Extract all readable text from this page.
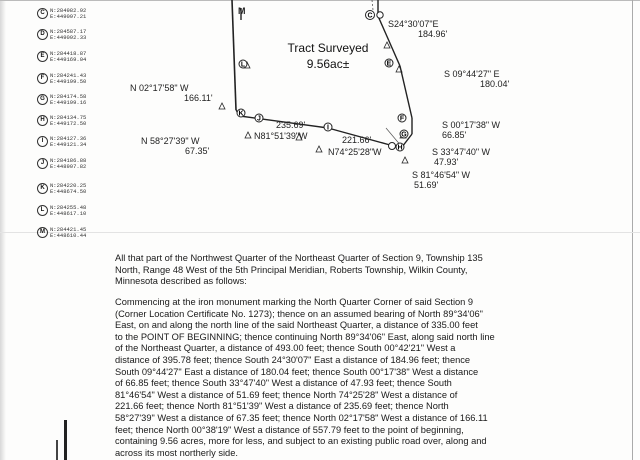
C
E
F
G
H
I
J
K
L
M
Tract Surveyed
9.56ac±
S24°30'07"E
184.96'
S 09°44'27" E
180.04'
N 02°17'58" W
166.11'
S 00°17'38" W
66.85'
N 58°27'39" W
67.35'
235.69'
N81°51'39"W	221.66'
N74°25'28"W	S 33°47'40" W
47.93'
S 81°46'54" W
51.69'
C N:284982.92
E:449097.21
D N:284587.17
E:449092.33
E	N:284418.87
E:449169.04
F	N:284241.43
E:449199.50
G N:284174.58
E:449199.16
H N:284134.75
E:449172.50
I	N:284127.36
E:449121.34
J	N:284186.88
E:448907.82
K N:284220.25
E:448674.50
L	N:284255.48
E:448617.10
M N:284421.45
E:448610.44
All that part of the Northwest Quarter of the Northeast Quarter of Section 9, Township 135
North, Range 48 West of the 5th Principal Meridian, Roberts Township, Wilkin County,
Minnesota described as follows:
Commencing at the iron monument marking the North Quarter Corner of said Section 9
(Corner Location Certificate No. 1273); thence on an assumed bearing of North 89°34'06"
East, on and along the north line of the said Northeast Quarter, a distance of 335.00 feet
to the POINT OF BEGINNING; thence continuing North 89°34'06" East, along said north line
of the Northeast Quarter, a distance of 493.00 feet; thence South 00°42'21" West a
distance of 395.78 feet; thence South 24°30'07" East a distance of 184.96 feet; thence
South 09°44'27" East a distance of 180.04 feet; thence South 00°17'38" West a distance
of 66.85 feet; thence South 33°47'40" West a distance of 47.93 feet; thence South
81°46'54" West a distance of 51.69 feet; thence North 74°25'28" West a distance of
221.66 feet; thence North 81°51'39" West a distance of 235.69 feet; thence North
58°27'39" West a distance of 67.35 feet; thence North 02°17'58" West a distance of 166.11
feet; thence North 00°38'19" West a distance of 557.79 feet to the point of beginning,
containing 9.56 acres, more for less, and subject to an existing public road over, along and
across its most northerly side.
